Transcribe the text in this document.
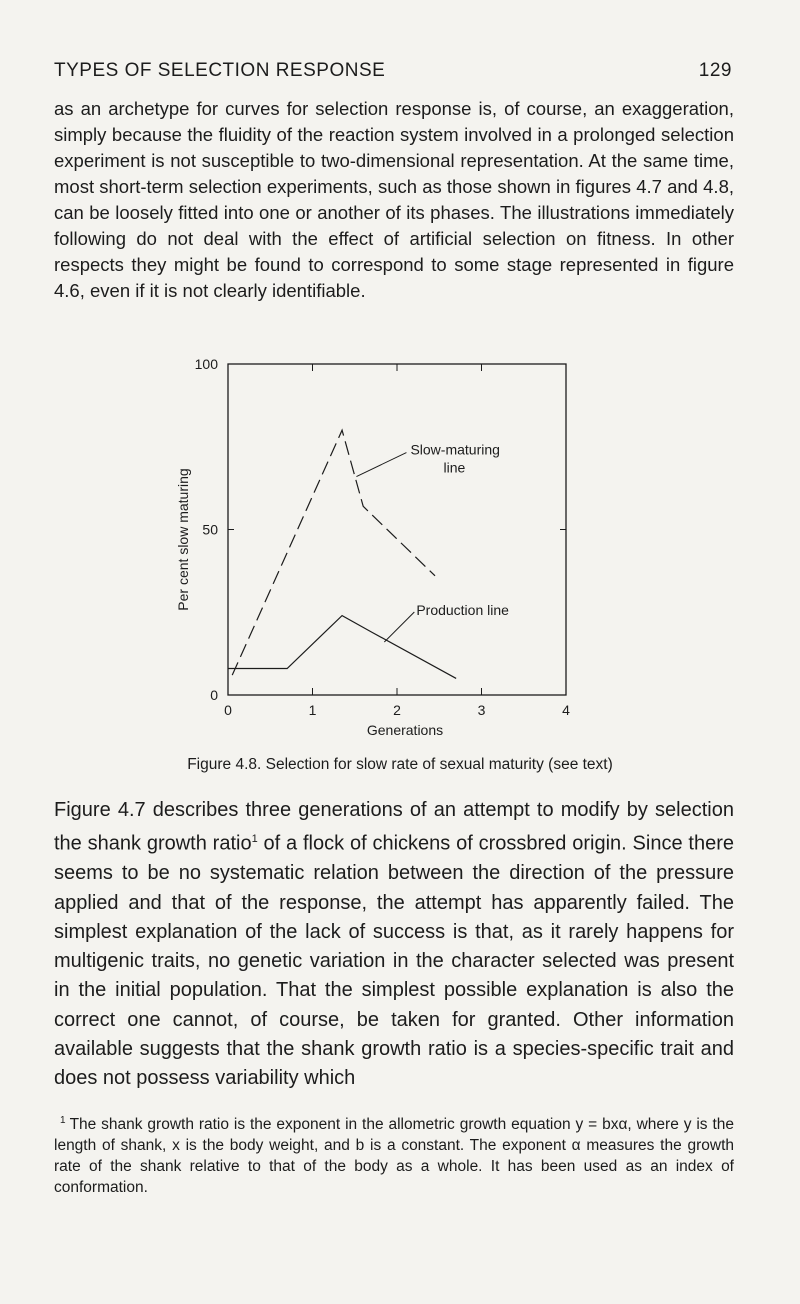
TYPES OF SELECTION RESPONSE	129

as an archetype for curves for selection response is, of course, an exaggeration, simply because the fluidity of the reaction system involved in a prolonged selection experiment is not susceptible to two-dimensional representation. At the same time, most short-term selection experiments, such as those shown in figures 4.7 and 4.8, can be loosely fitted into one or another of its phases. The illustrations immediately following do not deal with the effect of artificial selection on fitness. In other respects they might be found to correspond to some stage represented in figure 4.6, even if it is not clearly identifiable.

0	1	2	3	4
0
50
100
Generations
Per cent slow maturing
Slow-maturing
line
Production line
Figure 4.8. Selection for slow rate of sexual maturity (see text)

Figure 4.7 describes three generations of an attempt to modify by selection the shank growth ratio$^1$ of a flock of chickens of crossbred origin. Since there seems to be no systematic relation between the direction of the pressure applied and that of the response, the attempt has apparently failed. The simplest explanation of the lack of success is that, as it rarely happens for multigenic traits, no genetic variation in the character selected was present in the initial population. That the simplest possible explanation is also the correct one cannot, of course, be taken for granted. Other information available suggests that the shank growth ratio is a species-specific trait and does not possess variability which

$^1$ The shank growth ratio is the exponent in the allometric growth equation y = bxα, where y is the length of shank, x is the body weight, and b is a constant. The exponent α measures the growth rate of the shank relative to that of the body as a whole. It has been used as an index of conformation.
